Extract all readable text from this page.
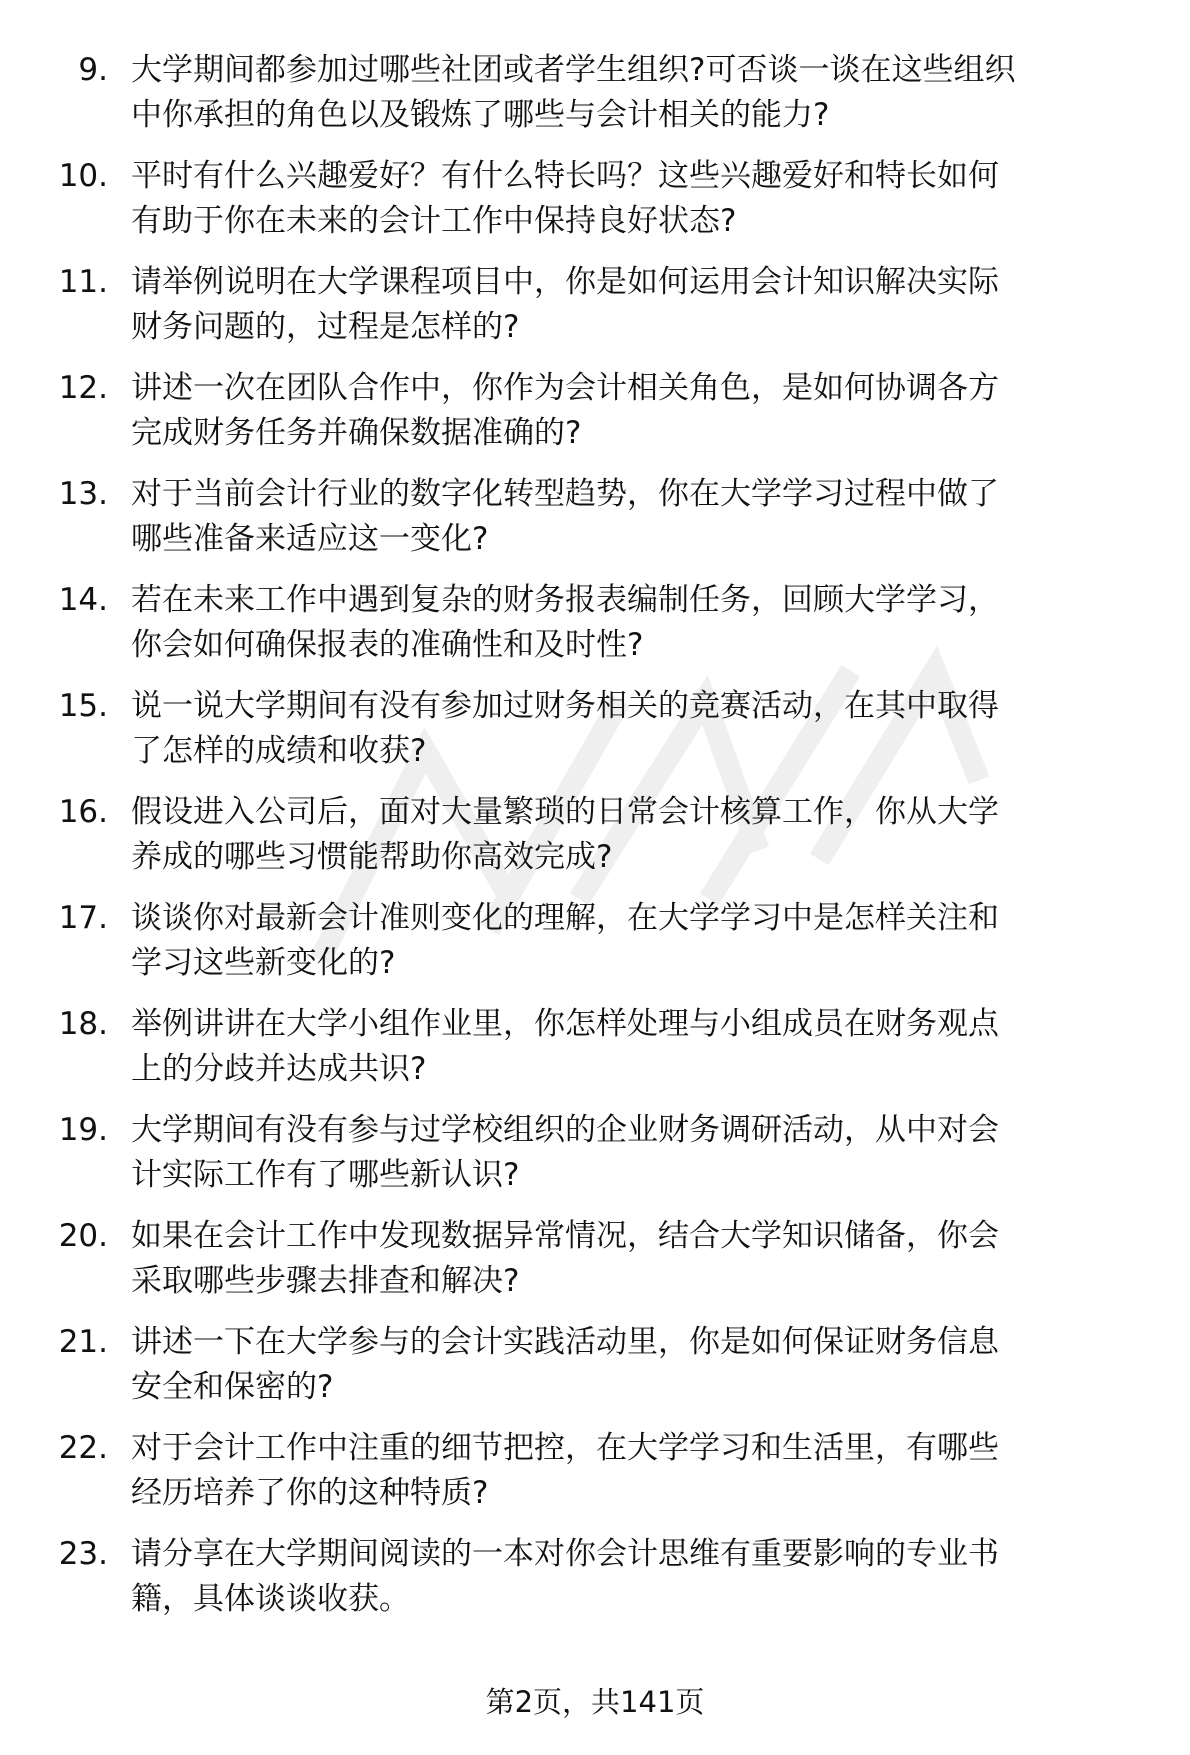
9. 大学期间都参加过哪些社团或者学生组织?可否谈一谈在这些组织
中你承担的角色以及锻炼了哪些与会计相关的能力?
10. 平时有什么兴趣爱好？有什么特长吗？这些兴趣爱好和特长如何
有助于你在未来的会计工作中保持良好状态?
11. 请举例说明在大学课程项目中，你是如何运用会计知识解决实际
财务问题的，过程是怎样的?
12. 讲述一次在团队合作中，你作为会计相关角色，是如何协调各方
完成财务任务并确保数据准确的?
13. 对于当前会计行业的数字化转型趋势，你在大学学习过程中做了
哪些准备来适应这一变化?
14. 若在未来工作中遇到复杂的财务报表编制任务，回顾大学学习，
你会如何确保报表的准确性和及时性?
15. 说一说大学期间有没有参加过财务相关的竞赛活动，在其中取得
了怎样的成绩和收获?
16. 假设进入公司后，面对大量繁琐的日常会计核算工作，你从大学
养成的哪些习惯能帮助你高效完成?
17. 谈谈你对最新会计准则变化的理解，在大学学习中是怎样关注和
学习这些新变化的?
18. 举例讲讲在大学小组作业里，你怎样处理与小组成员在财务观点
上的分歧并达成共识?
19. 大学期间有没有参与过学校组织的企业财务调研活动，从中对会
计实际工作有了哪些新认识?
20. 如果在会计工作中发现数据异常情况，结合大学知识储备，你会
采取哪些步骤去排查和解决?
21. 讲述一下在大学参与的会计实践活动里，你是如何保证财务信息
安全和保密的?
22. 对于会计工作中注重的细节把控，在大学学习和生活里，有哪些
经历培养了你的这种特质?
23. 请分享在大学期间阅读的一本对你会计思维有重要影响的专业书
籍，具体谈谈收获。
第2页，共141页
